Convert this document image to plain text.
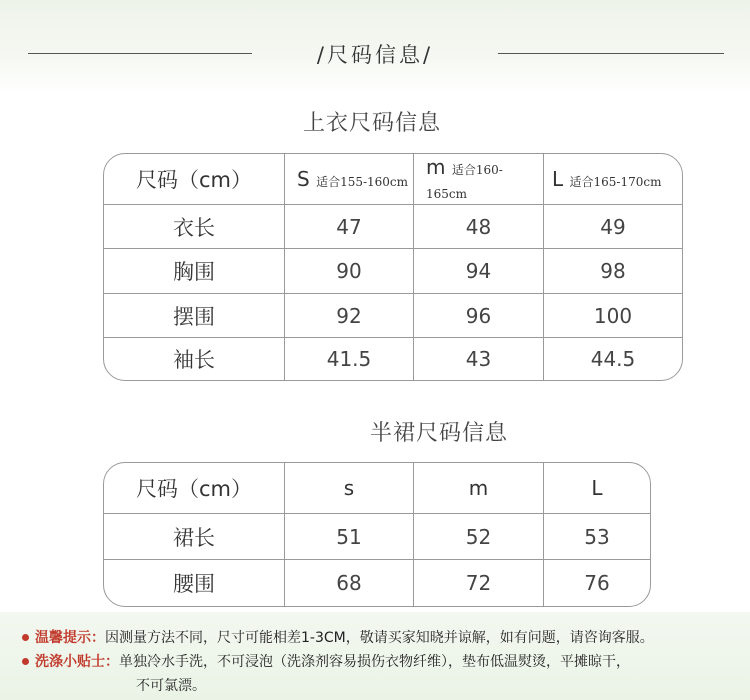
/尺码信息/
上衣尺码信息
尺码（cm）	S 适合155-160cm	m 适合160-165cm	L 适合165-170cm
衣长	47	48	49
胸围	90	94	98
摆围	92	96	100
袖长	41.5	43	44.5
半裙尺码信息
尺码（cm）	s	m	L
裙长	51	52	53
腰围	68	72	76
温馨提示：因测量方法不同，尺寸可能相差1-3CM，敬请买家知晓并谅解，如有问题，请咨询客服。
洗涤小贴士：单独冷水手洗，不可浸泡（洗涤剂容易损伤衣物纤维），垫布低温熨烫，平摊晾干，
不可氯漂。
